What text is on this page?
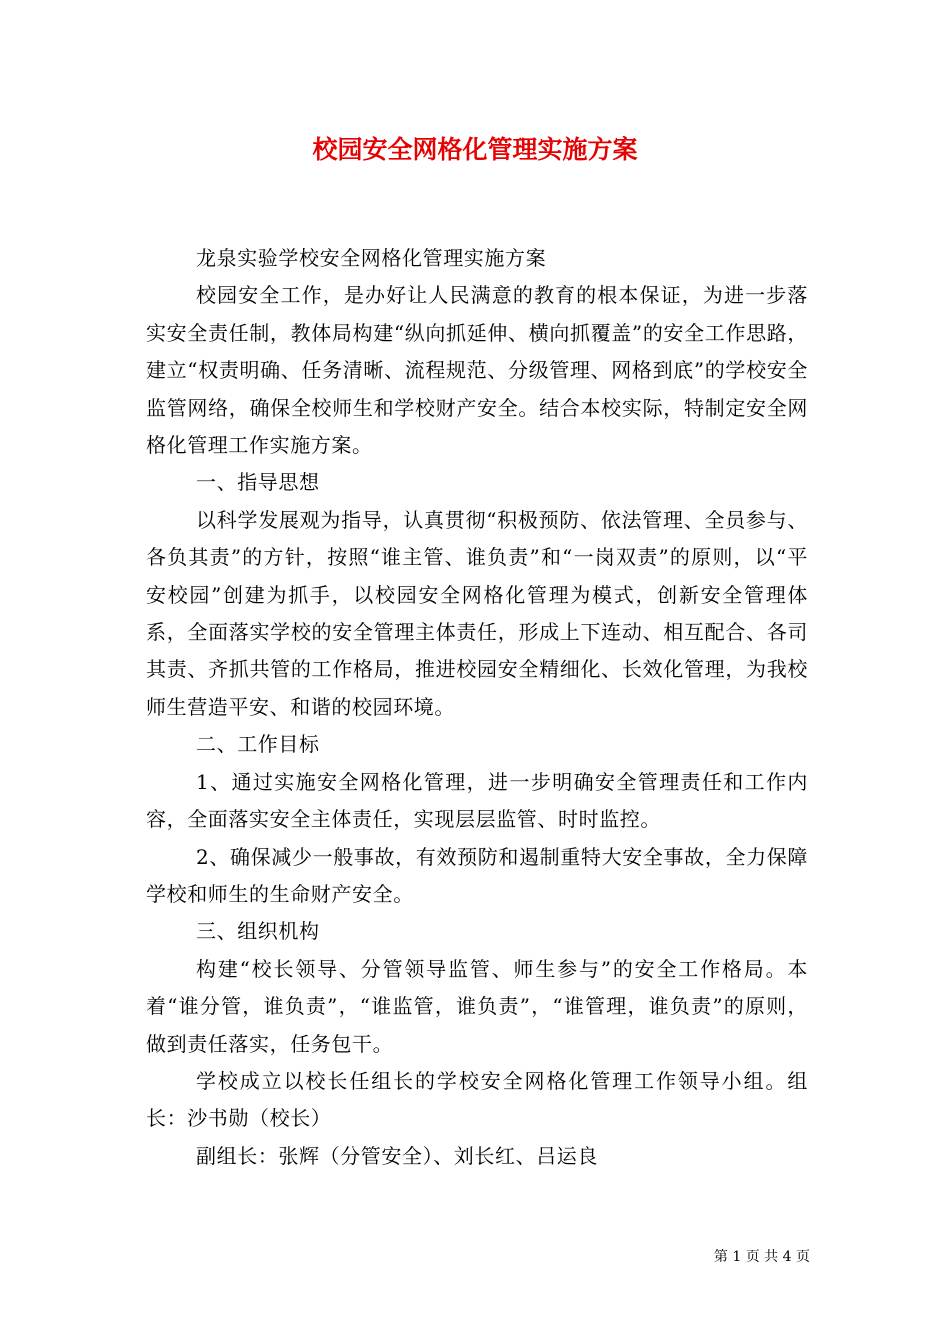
校园安全网格化管理实施方案

龙泉实验学校安全网格化管理实施方案

校园安全工作，是办好让人民满意的教育的根本保证，为进一步落实安全责任制，教体局构建“纵向抓延伸、横向抓覆盖”的安全工作思路，建立“权责明确、任务清晰、流程规范、分级管理、网格到底”的学校安全监管网络，确保全校师生和学校财产安全。结合本校实际，特制定安全网格化管理工作实施方案。

一、指导思想

以科学发展观为指导，认真贯彻“积极预防、依法管理、全员参与、各负其责”的方针，按照“谁主管、谁负责”和“一岗双责”的原则，以“平安校园”创建为抓手，以校园安全网格化管理为模式，创新安全管理体系，全面落实学校的安全管理主体责任，形成上下连动、相互配合、各司其责、齐抓共管的工作格局，推进校园安全精细化、长效化管理，为我校师生营造平安、和谐的校园环境。

二、工作目标

1、通过实施安全网格化管理，进一步明确安全管理责任和工作内容，全面落实安全主体责任，实现层层监管、时时监控。

2、确保减少一般事故，有效预防和遏制重特大安全事故，全力保障学校和师生的生命财产安全。

三、组织机构

构建“校长领导、分管领导监管、师生参与”的安全工作格局。本着“谁分管，谁负责”，“谁监管，谁负责”，“谁管理，谁负责”的原则，做到责任落实，任务包干。

学校成立以校长任组长的学校安全网格化管理工作领导小组。组长：沙书勋（校长）

副组长：张辉（分管安全）、刘长红、吕运良

第 1 页 共 4 页
